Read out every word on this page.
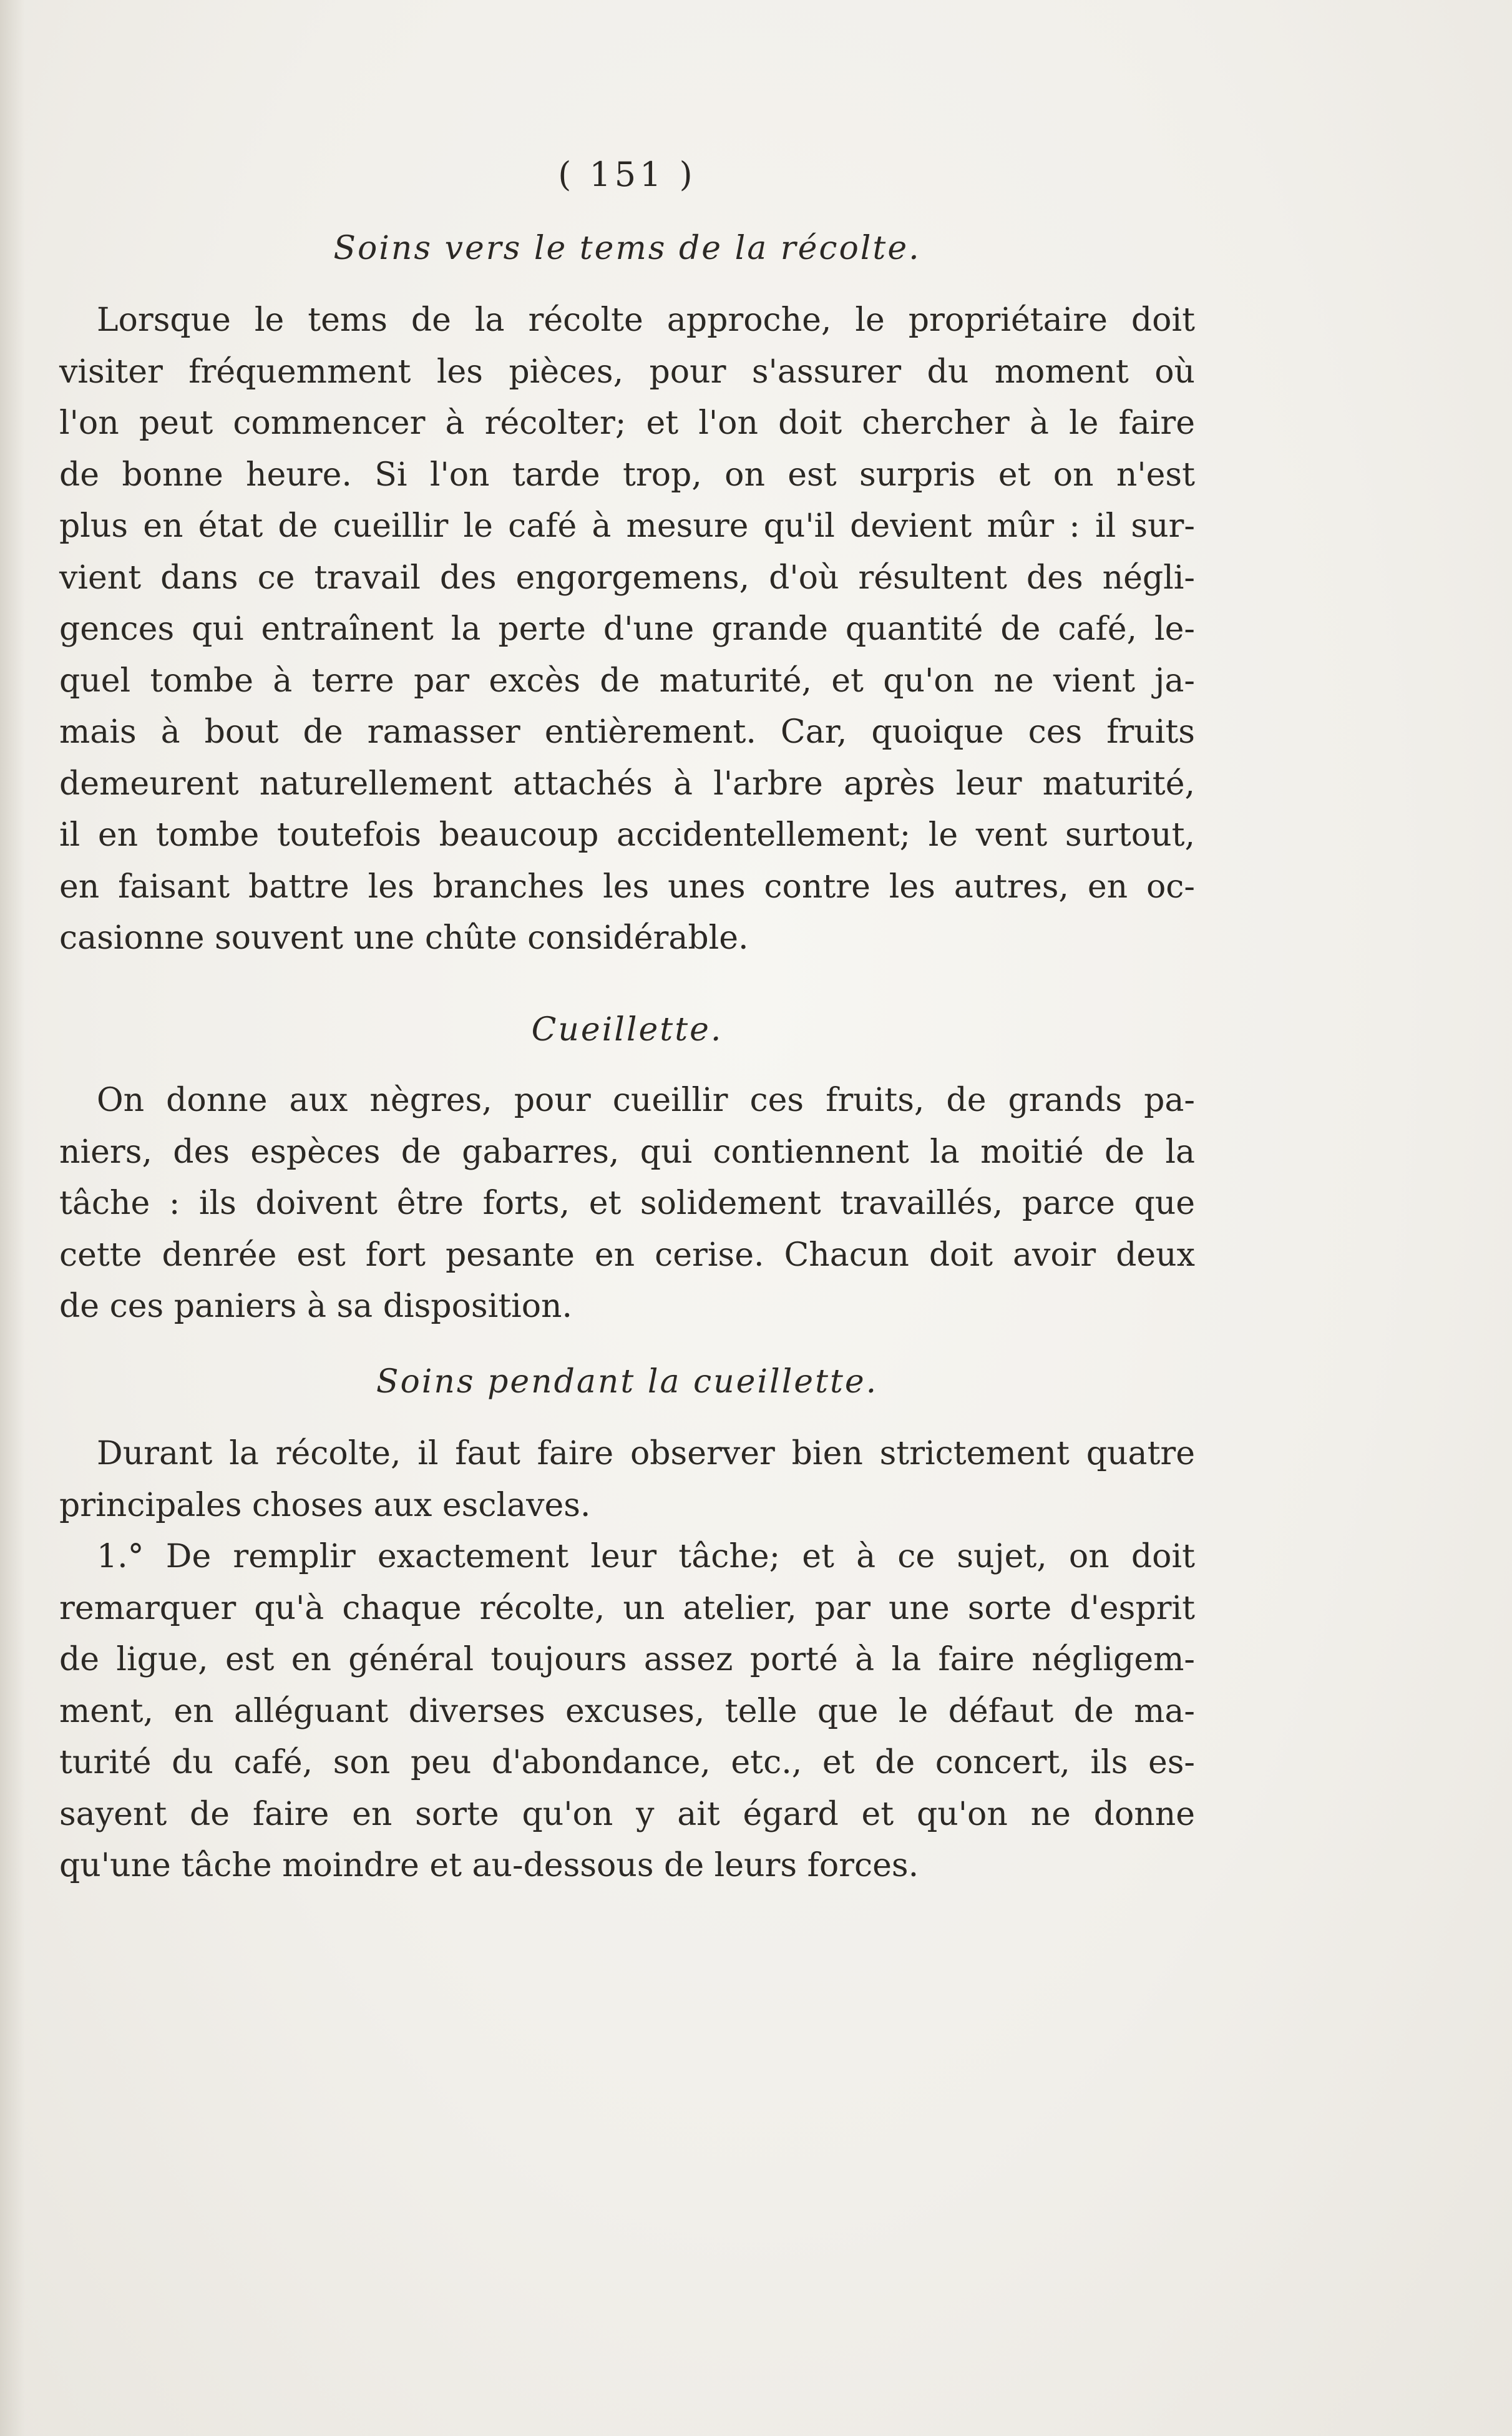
( 151 )
Soins vers le tems de la récolte.
Lorsque le tems de la récolte approche, le propriétaire doit
visiter fréquemment les pièces, pour s'assurer du moment où
l'on peut commencer à récolter; et l'on doit chercher à le faire
de bonne heure. Si l'on tarde trop, on est surpris et on n'est
plus en état de cueillir le café à mesure qu'il devient mûr : il sur-
vient dans ce travail des engorgemens, d'où résultent des négli-
gences qui entraînent la perte d'une grande quantité de café, le-
quel tombe à terre par excès de maturité, et qu'on ne vient ja-
mais à bout de ramasser entièrement. Car, quoique ces fruits
demeurent naturellement attachés à l'arbre après leur maturité,
il en tombe toutefois beaucoup accidentellement; le vent surtout,
en faisant battre les branches les unes contre les autres, en oc-
casionne souvent une chûte considérable.
Cueillette.
On donne aux nègres, pour cueillir ces fruits, de grands pa-
niers, des espèces de gabarres, qui contiennent la moitié de la
tâche : ils doivent être forts, et solidement travaillés, parce que
cette denrée est fort pesante en cerise. Chacun doit avoir deux
de ces paniers à sa disposition.
Soins pendant la cueillette.
Durant la récolte, il faut faire observer bien strictement quatre
principales choses aux esclaves.
1.° De remplir exactement leur tâche; et à ce sujet, on doit
remarquer qu'à chaque récolte, un atelier, par une sorte d'esprit
de ligue, est en général toujours assez porté à la faire négligem-
ment, en alléguant diverses excuses, telle que le défaut de ma-
turité du café, son peu d'abondance, etc., et de concert, ils es-
sayent de faire en sorte qu'on y ait égard et qu'on ne donne
qu'une tâche moindre et au-dessous de leurs forces.
